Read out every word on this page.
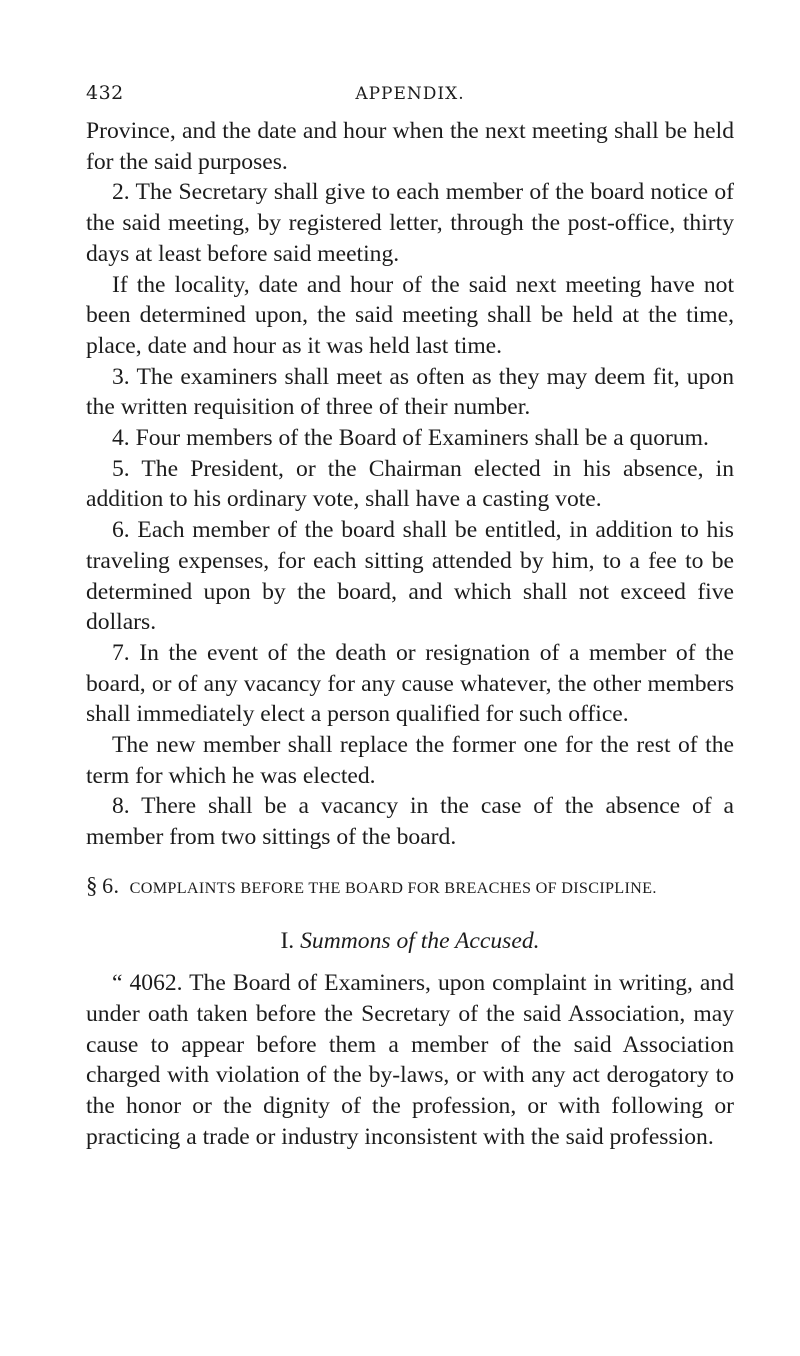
432	APPENDIX.

Province, and the date and hour when the next meeting shall be held for the said purposes.

2. The Secretary shall give to each member of the board notice of the said meeting, by registered letter, through the post-office, thirty days at least before said meeting.

If the locality, date and hour of the said next meeting have not been determined upon, the said meeting shall be held at the time, place, date and hour as it was held last time.

3. The examiners shall meet as often as they may deem fit, upon the written requisition of three of their number.

4. Four members of the Board of Examiners shall be a quorum.

5. The President, or the Chairman elected in his absence, in addition to his ordinary vote, shall have a casting vote.

6. Each member of the board shall be entitled, in addition to his traveling expenses, for each sitting attended by him, to a fee to be determined upon by the board, and which shall not exceed five dollars.

7. In the event of the death or resignation of a member of the board, or of any vacancy for any cause whatever, the other members shall immediately elect a person qualified for such office.

The new member shall replace the former one for the rest of the term for which he was elected.

8. There shall be a vacancy in the case of the absence of a member from two sittings of the board.

§ 6. COMPLAINTS BEFORE THE BOARD FOR BREACHES OF DISCIPLINE.
I. Summons of the Accused.

“ 4062. The Board of Examiners, upon complaint in writing, and under oath taken before the Secretary of the said Association, may cause to appear before them a member of the said Association charged with violation of the by-laws, or with any act derogatory to the honor or the dignity of the profession, or with following or practicing a trade or industry inconsistent with the said profession.
